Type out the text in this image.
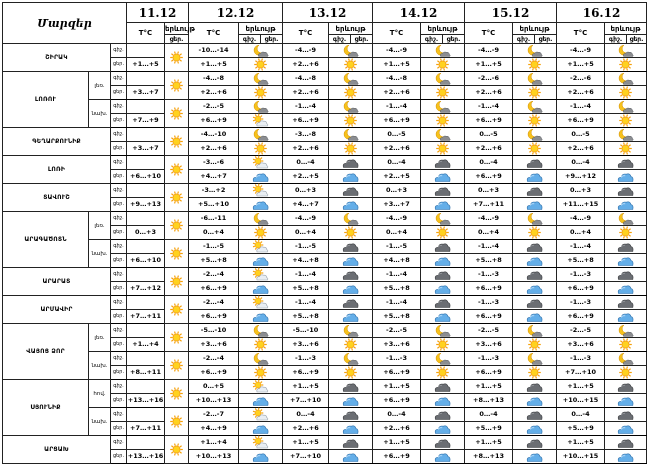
Մարզեր			11.12		12.12			13.12			14.12			15.12			16.12		
			T°C	երևույթ	T°C	երևույթ		T°C	երևույթ		T°C	երևույթ		T°C	երևույթ		T°C	երևույթ	
				ցեր.		գիշ.	ցեր.		գիշ.	ցեր.		գիշ.	ցեր.		գիշ.	ցեր.		գիշ.	ցեր.
ՇԻՐԱԿ		գիշ.			-10…-14			-4…-9			-4…-9			-4…-9			-4…-9	
		ցեր.	+1…+5		+1…+5			+2…+6			+1…+5			+1…+5			+1…+5	
ԼՈՌՈՒ	լեռ.	գիշ.			-4…-8			-4…-8			-4…-8			-2…-6			-2…-6	
		ցեր.	+3…+7		+2…+6			+2…+6			+2…+6			+2…+6			+2…+6	
	նախ.	գիշ.			-2…-5			-1…-4			-1…-4			-1…-4			-1…-4	
		ցեր.	+7…+9		+6…+9			+6…+9			+6…+9			+6…+9			+6…+9	
ԳԵՂԱՐՔՈՒՆԻՔ		գիշ.			-4…-10			-3…-8			0…-5			0…-5			0…-5	
		ցեր.	+3…+7		+2…+6			+2…+6			+2…+6			+2…+6			+2…+6	
ԼՈՌԻ		գիշ.			-3…-6			0…-4			0…-4			0…-4			0…-4	
		ցեր.	+6…+10		+4…+7			+2…+5			+2…+5			+6…+9			+9…+12	
ՏԱՎՈՒՇ		գիշ.			-3…+2			0…+3			0…+3			0…+3			0…+3	
		ցեր.	+9…+13		+5…+10			+4…+7			+3…+7			+7…+11			+11…+15	
ԱՐԱԳԱԾՈՏՆ	լեռ.	գիշ.			-6…-11			-4…-9			-4…-9			-4…-9			-4…-9	
		ցեր.	0…+3		0…+4			0…+4			0…+4			0…+4			0…+4	
	նախ.	գիշ.			-1…-5			-1…-5			-1…-5			-1…-4			-1…-4	
		ցեր.	+6…+10		+5…+8			+4…+8			+4…+8			+5…+8			+5…+8	
ԱՐԱՐԱՏ		գիշ.			-2…-4			-1…-4			-1…-4			-1…-3			-1…-3	
		ցեր.	+7…+12		+6…+9			+5…+8			+5…+8			+6…+9			+6…+9	
ԱՐՄԱՎԻՐ		գիշ.			-2…-4			-1…-4			-1…-4			-1…-3			-1…-3	
		ցեր.	+7…+11		+6…+9			+5…+8			+5…+8			+6…+9			+6…+9	
ՎԱՅՈՑ ՁՈՐ	լեռ.	գիշ.			-5…-10			-5…-10			-2…-5			-2…-5			-2…-5	
		ցեր.	+1…+4		+3…+6			+3…+6			+3…+6			+3…+6			+3…+6	
	նախ.	գիշ.			-2…-4			-1…-3			-1…-3			-1…-3			-1…-3	
		ցեր.	+8…+11		+6…+9			+6…+9			+6…+9			+6…+9			+7…+10	
ՍՅՈՒՆԻՔ	հով.	գիշ.			0…+5			+1…+5			+1…+5			+1…+5			+1…+5	
		ցեր.	+13…+16		+10…+13			+7…+10			+6…+9			+8…+13			+10…+15	
	նախ.	գիշ.			-2…-7			0…-4			0…-4			0…-4			0…-4	
		ցեր.	+7…+11		+4…+9			+2…+6			+2…+6			+5…+9			+5…+9	
ԱՐՑԱԽ		գիշ.			+1…+4			+1…+5			+1…+5			+1…+5			+1…+5	
		ցեր.	+13…+16		+10…+13			+7…+10			+6…+9			+8…+13			+10…+15	
